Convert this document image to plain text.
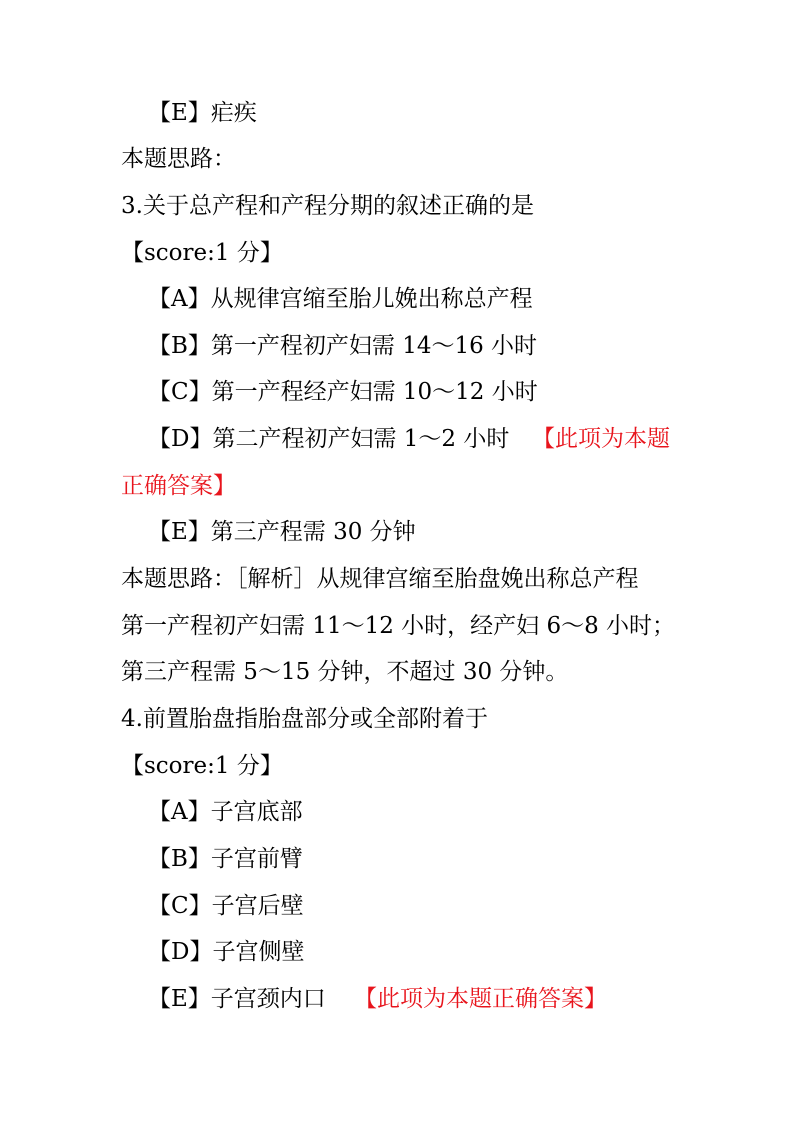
【E】疟疾
本题思路：
3.关于总产程和产程分期的叙述正确的是
【score:1 分】
【A】从规律宫缩至胎儿娩出称总产程
【B】第一产程初产妇需 14～16 小时
【C】第一产程经产妇需 10～12 小时
【D】第二产程初产妇需 1～2 小时 【此项为本题
正确答案】
【E】第三产程需 30 分钟
本题思路：［解析］从规律宫缩至胎盘娩出称总产程
第一产程初产妇需 11～12 小时，经产妇 6～8 小时；
第三产程需 5～15 分钟，不超过 30 分钟。
4.前置胎盘指胎盘部分或全部附着于
【score:1 分】
【A】子宫底部
【B】子宫前臂
【C】子宫后壁
【D】子宫侧壁
【E】子宫颈内口 【此项为本题正确答案】
